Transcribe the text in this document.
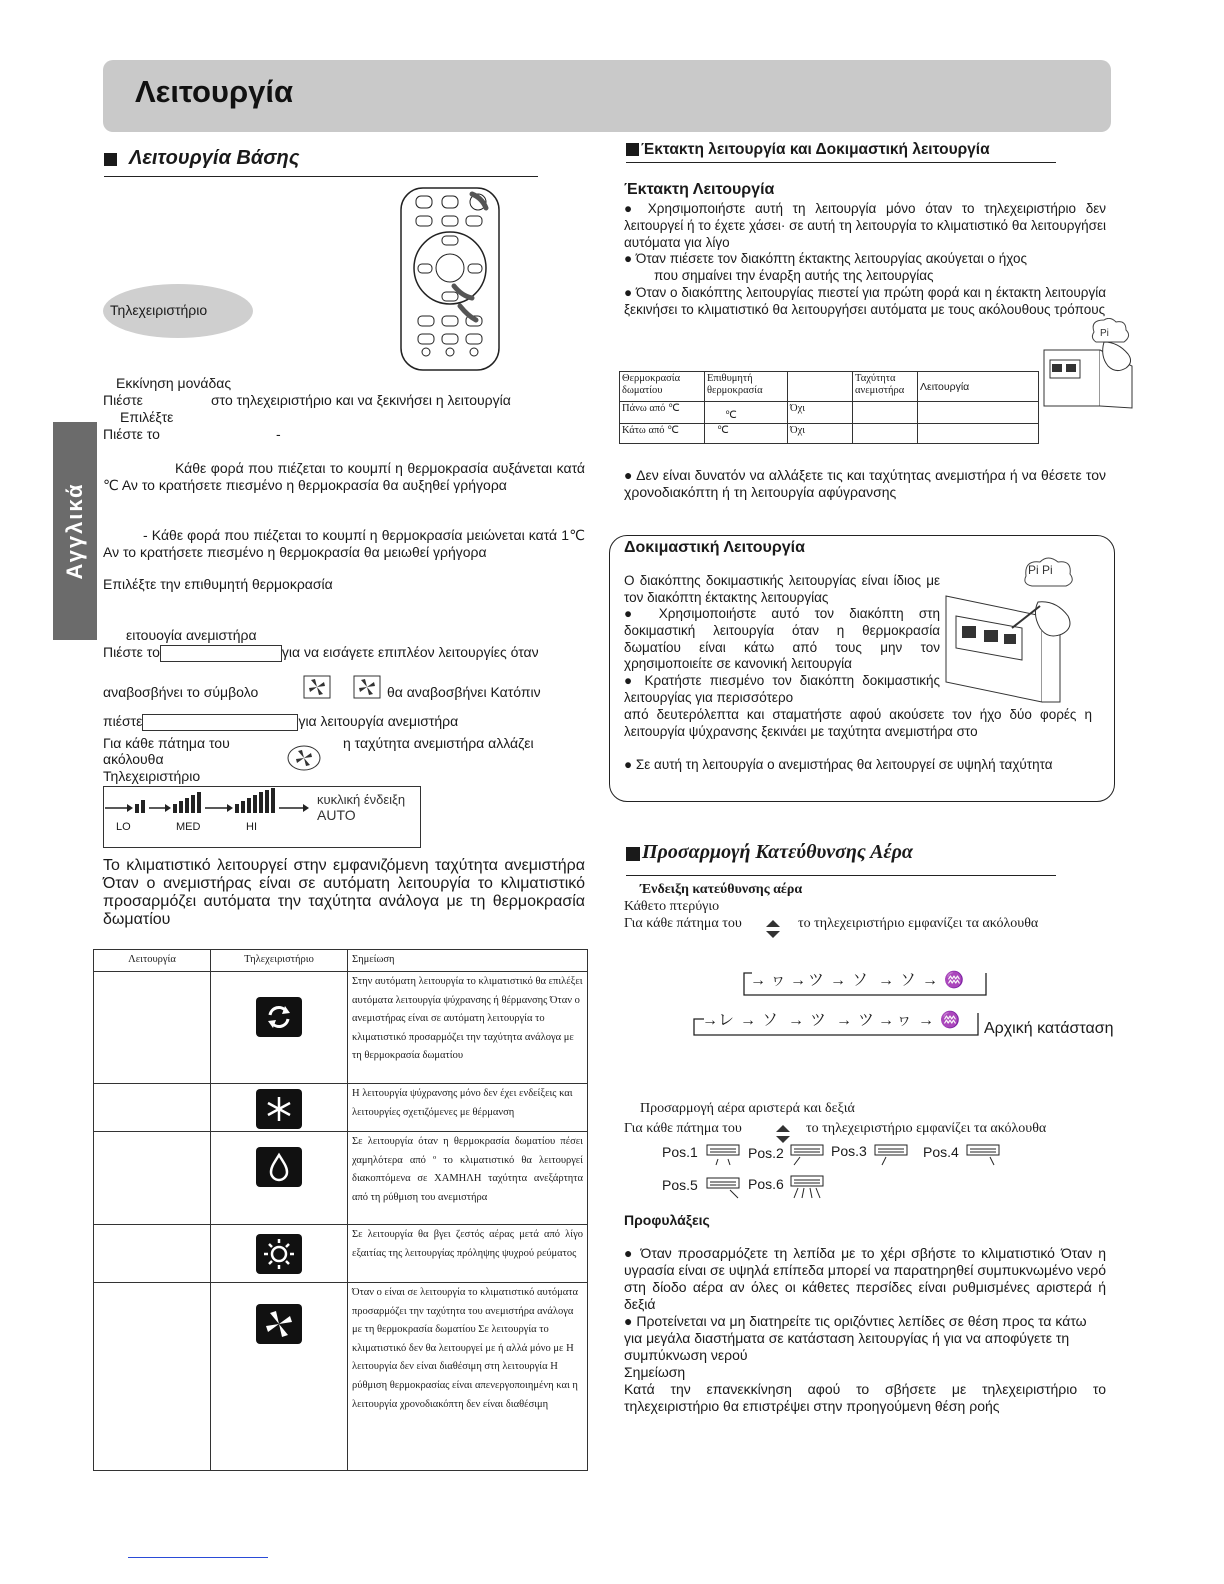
Λειτουργία
Αγγλικά
Λειτουργία Βάσης
Τηλεχειριστήριο
Εκκίνηση μονάδας
Πιέστε	στο τηλεχειριστήριο και να ξεκινήσει η λειτουργία
Επιλέξτε
Πιέστε το	-
Κάθε φορά που πιέζεται το κουμπί η θερμοκρασία αυξάνεται κατά ℃ Αν το κρατήσετε πιεσμένο η θερμοκρασία θα αυξηθεί γρήγορα
- Κάθε φορά που πιέζεται το κουμπί η θερμοκρασία μειώνεται κατά 1℃ Αν το κρατήσετε πιεσμένο η θερμοκρασία θα μειωθεί γρήγορα
Επιλέξτε την επιθυμητή θερμοκρασία
ειτουογία ανεμιστήρα
Πιέστε το	για να εισάγετε επιπλέον λειτουργίες όταν
αναβοσβήνει το σύμβολο	θα αναβοσβήνει Κατόπιν
πιέστε	για λειτουργία ανεμιστήρα
Για κάθε πάτημα του	η ταχύτητα ανεμιστήρα αλλάζει
ακόλουθα
Τηλεχειριστήριο
LO	MED	HI
κυκλική ένδειξη
AUTO
Το κλιματιστικό λειτουργεί στην εμφανιζόμενη ταχύτητα ανεμιστήρα Όταν ο ανεμιστήρας είναι σε αυτόματη λειτουργία το κλιματιστικό προσαρμόζει αυτόματα την ταχύτητα ανάλογα με τη θερμοκρασία δωματίου
Λειτουργία	Τηλεχειριστήριο	Σημείωση

	Στην αυτόματη λειτουργία το κλιματιστικό θα επιλέξει αυτόματα λειτουργία ψύχρανσης ή θέρμανσης Όταν ο ανεμιστήρας είναι σε αυτόματη λειτουργία το κλιματιστικό προσαρμόζει την ταχύτητα ανάλογα με τη θερμοκρασία δωματίου

	Η λειτουργία ψύχρανσης μόνο δεν έχει ενδείξεις και λειτουργίες σχετιζόμενες με θέρμανση

	Σε λειτουργία όταν η θερμοκρασία δωματίου πέσει χαμηλότερα από º το κλιματιστικό θα λειτουργεί διακοπτόμενα σε ΧΑΜΗΛΗ ταχύτητα ανεξάρτητα από τη ρύθμιση του ανεμιστήρα

	Σε λειτουργία θα βγει ζεστός αέρας μετά από λίγο εξαιτίας της λειτουργίας πρόληψης ψυχρού ρεύματος

	Όταν ο είναι σε λειτουργία το κλιματιστικό αυτόματα προσαρμόζει την ταχύτητα του ανεμιστήρα ανάλογα με τη θερμοκρασία δωματίου Σε λειτουργία το κλιματιστικό δεν θα λειτουργεί με ή αλλά μόνο με Η λειτουργία δεν είναι διαθέσιμη στη λειτουργία Η ρύθμιση θερμοκρασίας είναι απενεργοποιημένη και η λειτουργία χρονοδιακόπτη δεν είναι διαθέσιμη
Έκτακτη λειτουργία και Δοκιμαστική λειτουργία
Έκτακτη Λειτουργία
● Χρησιμοποιήστε αυτή τη λειτουργία μόνο όταν το τηλεχειριστήριο δεν λειτουργεί ή το έχετε χάσει· σε αυτή τη λειτουργία το κλιματιστικό θα λειτουργήσει αυτόματα για λίγο
● Όταν πιέσετε τον διακόπτη έκτακτης λειτουργίας ακούγεται ο ήχος
που σημαίνει την έναρξη αυτής της λειτουργίας
● Όταν ο διακόπτης λειτουργίας πιεστεί για πρώτη φορά και η έκτακτη λειτουργία ξεκινήσει το κλιματιστικό θα λειτουργήσει αυτόματα με τους ακόλουθους τρόπους
Pi
Θερμοκρασία δωματίου	Επιθυμητή θερμοκρασία		Ταχύτητα ανεμιστήρα	Λειτουργία
Πάνω από ℃	℃	Όχι		
Κάτω από ℃	℃	Όχι		
● Δεν είναι δυνατόν να αλλάξετε τις και ταχύτητας ανεμιστήρα ή να θέσετε τον χρονοδιακόπτη ή τη λειτουργία αφύγρανσης
Δοκιμαστική Λειτουργία
Ο διακόπτης δοκιμαστικής λειτουργίας είναι ίδιος με τον διακόπτη έκτακτης λειτουργίας
● Χρησιμοποιήστε αυτό τον διακόπτη στη δοκιμαστική λειτουργία όταν η θερμοκρασία δωματίου είναι κάτω από τους μην τον χρησιμοποιείτε σε κανονική λειτουργία
● Κρατήστε πιεσμένο τον διακόπτη δοκιμαστικής λειτουργίας για περισσότερο
από δευτερόλεπτα και σταματήστε αφού ακούσετε τον ήχο δύο φορές η λειτουργία ψύχρανσης ξεκινάει με ταχύτητα ανεμιστήρα στο
● Σε αυτή τη λειτουργία ο ανεμιστήρας θα λειτουργεί σε υψηλή ταχύτητα
Pi Pi
Προσαρμογή Κατεύθυνσης Αέρα
Ένδειξη κατεύθυνσης αέρα
Κάθετο πτερύγιο
Για κάθε πάτημα του	το τηλεχειριστήριο εμφανίζει τα ακόλουθα
→ ヮ → ツ → ソ → ソ → ♒
→ レ → ソ → ツ → ツ → ヮ → ♒ Αρχική κατάσταση
Προσαρμογή αέρα αριστερά και δεξιά
Για κάθε πάτημα του	το τηλεχειριστήριο εμφανίζει τα ακόλουθα
Pos.1	Pos.2	Pos.3	Pos.4
Pos.5	Pos.6
Προφυλάξεις
● Όταν προσαρμόζετε τη λεπίδα με το χέρι σβήστε το κλιματιστικό Όταν η υγρασία είναι σε υψηλά επίπεδα μπορεί να παρατηρηθεί συμπυκνωμένο νερό στη δίοδο αέρα αν όλες οι κάθετες περσίδες είναι ρυθμισμένες αριστερά ή δεξιά
● Προτείνεται να μη διατηρείτε τις οριζόντιες λεπίδες σε θέση προς τα κάτω για μεγάλα διαστήματα σε κατάσταση λειτουργίας ή για να αποφύγετε τη συμπύκνωση νερού
Σημείωση
Κατά την επανεκκίνηση αφού το σβήσετε με τηλεχειριστήριο το τηλεχειριστήριο θα επιστρέψει στην προηγούμενη θέση ροής
